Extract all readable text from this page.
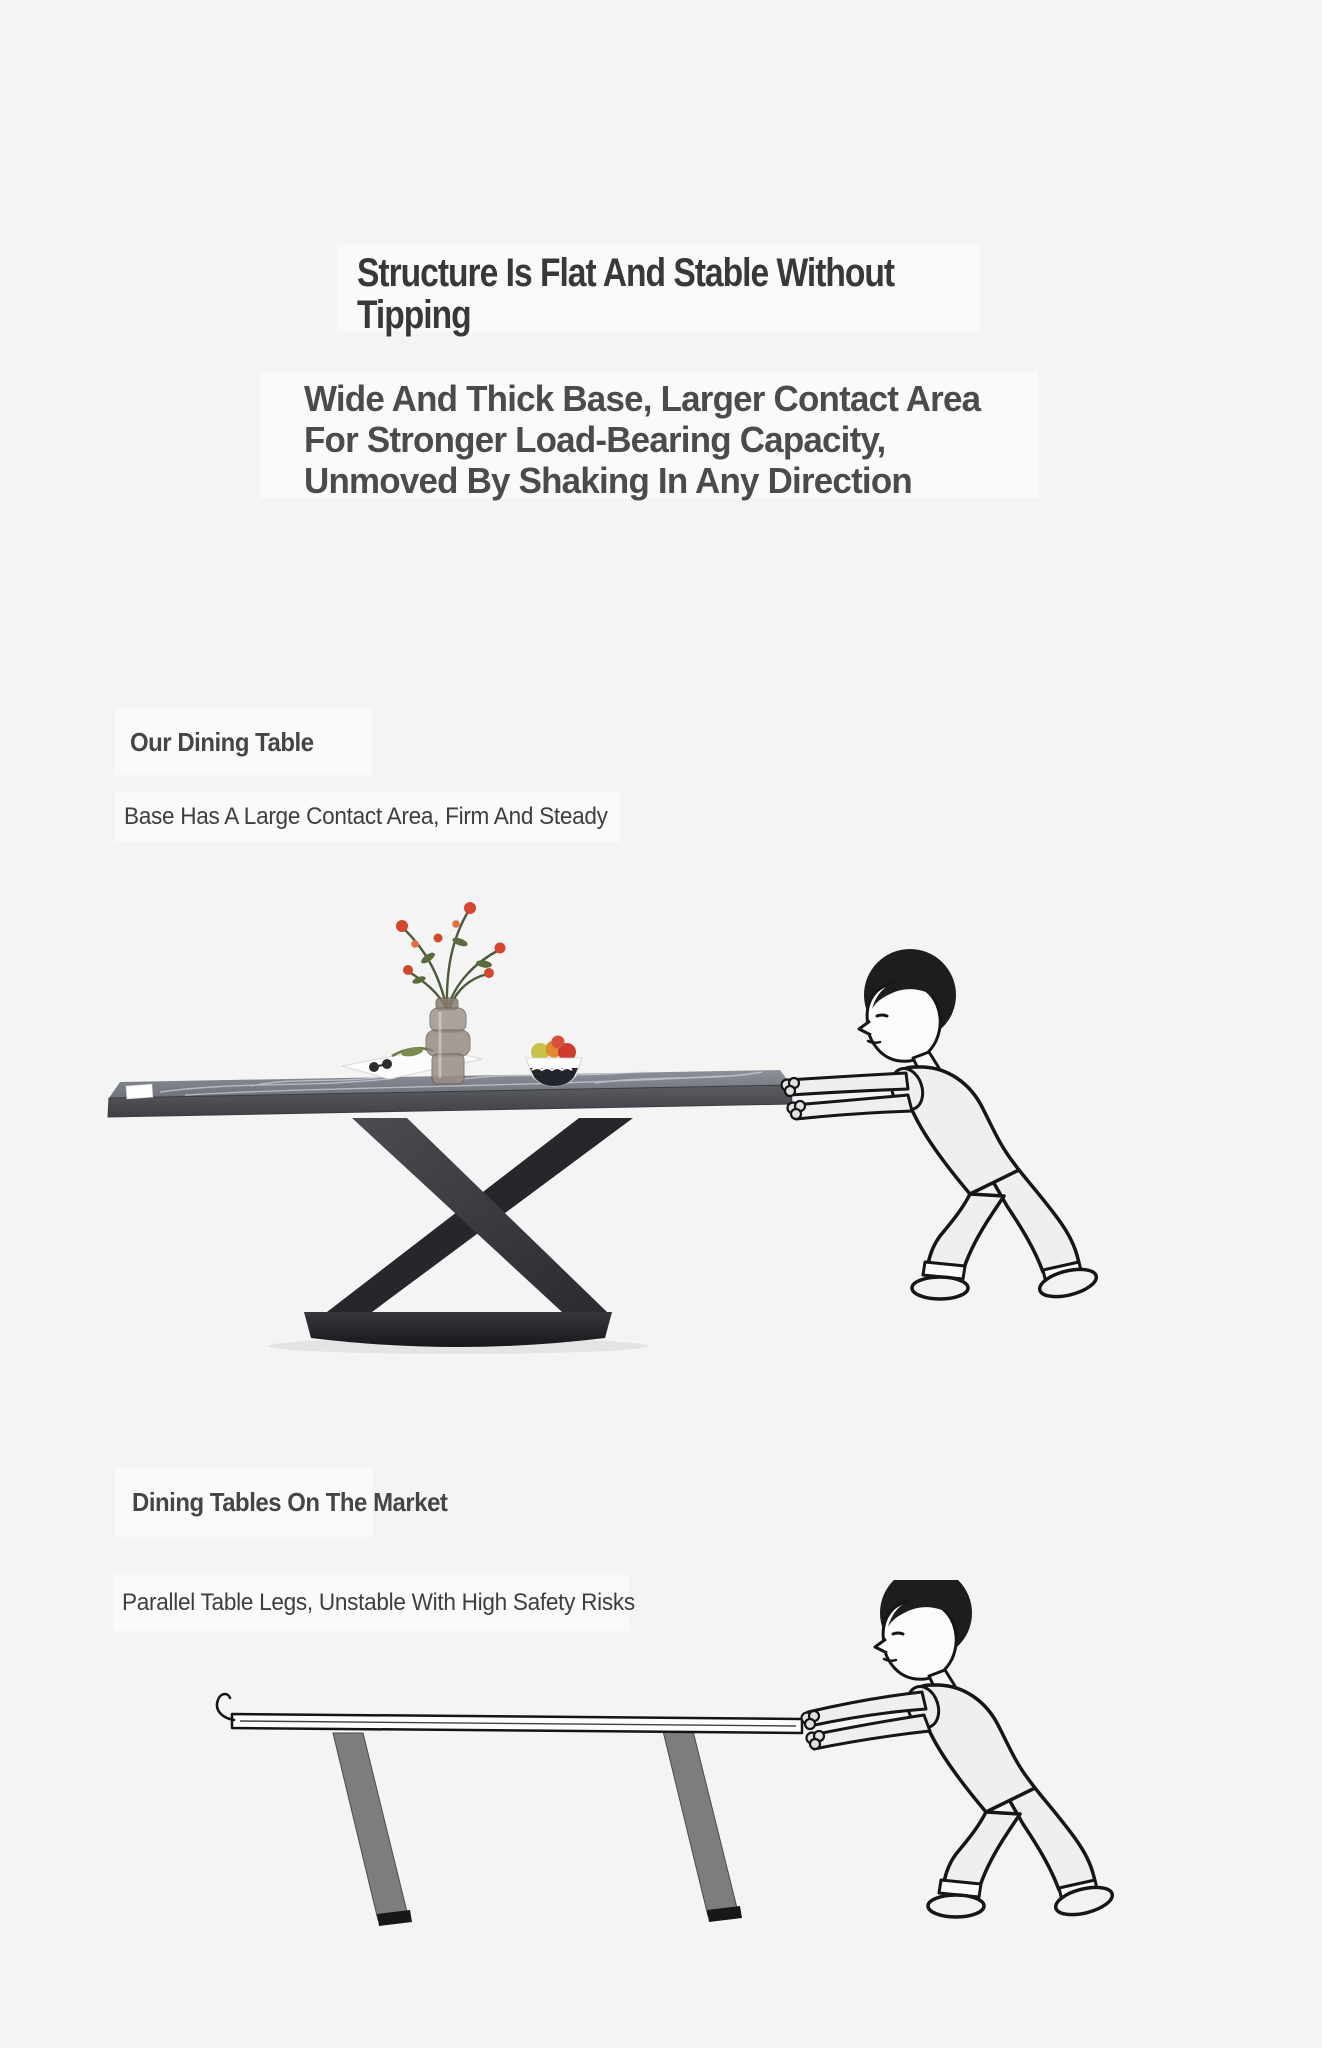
Structure Is Flat And Stable Without
Tipping
Wide And Thick Base, Larger Contact Area
For Stronger Load-Bearing Capacity,
Unmoved By Shaking In Any Direction
Our Dining Table

Base Has A Large Contact Area, Firm And Steady

Dining Tables On The Market

Parallel Table Legs, Unstable With High Safety Risks
